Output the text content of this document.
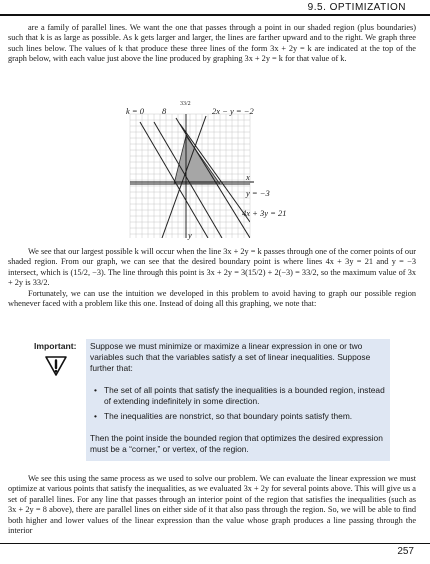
9.5. OPTIMIZATION

are a family of parallel lines. We want the one that passes through a point in our shaded region (plus boundaries) such that k is as large as possible. As k gets larger and larger, the lines are farther upward and to the right. We graph three such lines below. The values of k that produce these three lines of the form 3x + 2y = k are indicated at the top of the graph below, with each value just above the line produced by graphing 3x + 2y = k for that value of k.

k = 0 8
33/2
2x − y = −2
x
y = −3
4x + 3y = 21
y

We see that our largest possible k will occur when the line 3x + 2y = k passes through one of the corner points of our shaded region. From our graph, we can see that the desired boundary point is where lines 4x + 3y = 21 and y = −3 intersect, which is (15/2, −3). The line through this point is 3x + 2y = 3(15/2) + 2(−3) = 33/2, so the maximum value of 3x + 2y is 33/2.

Fortunately, we can use the intuition we developed in this problem to avoid having to graph our possible region whenever faced with a problem like this one. Instead of doing all this graphing, we note that:

Important:	Suppose we must minimize or maximize a linear expression in one or two variables such that the variables satisfy a set of linear inequalities. Suppose further that:
• The set of all points that satisfy the inequalities is a bounded region, instead of extending indefinitely in some direction.
• The inequalities are nonstrict, so that boundary points satisfy them.
Then the point inside the bounded region that optimizes the desired expression must be a “corner,” or vertex, of the region.

We see this using the same process as we used to solve our problem. We can evaluate the linear expression we must optimize at various points that satisfy the inequalities, as we evaluated 3x + 2y for several points above. This will give us a set of parallel lines. For any line that passes through an interior point of the region that satisfies the inequalities (such as 3x + 2y = 8 above), there are parallel lines on either side of it that also pass through the region. So, we will be able to find both higher and lower values of the linear expression than the value whose graph produces a line passing through the interior

257
